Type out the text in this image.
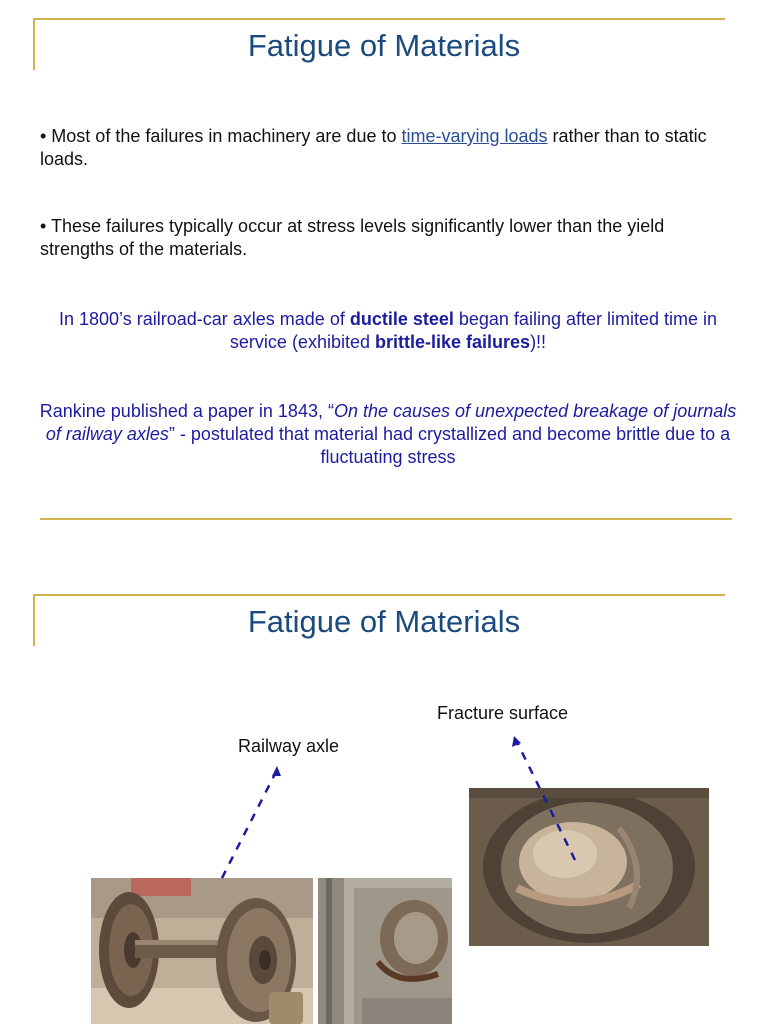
Fatigue of Materials
• Most of the failures in machinery are due to time-varying loads rather than to static loads.
• These failures typically occur at stress levels significantly lower than the yield strengths of the materials.
In 1800’s railroad-car axles made of ductile steel began failing after limited time in service (exhibited brittle-like failures)!!
Rankine published a paper in 1843, “On the causes of unexpected breakage of journals of railway axles” - postulated that material had crystallized and become brittle due to a fluctuating stress
Fatigue of Materials
Fracture surface
Railway axle
